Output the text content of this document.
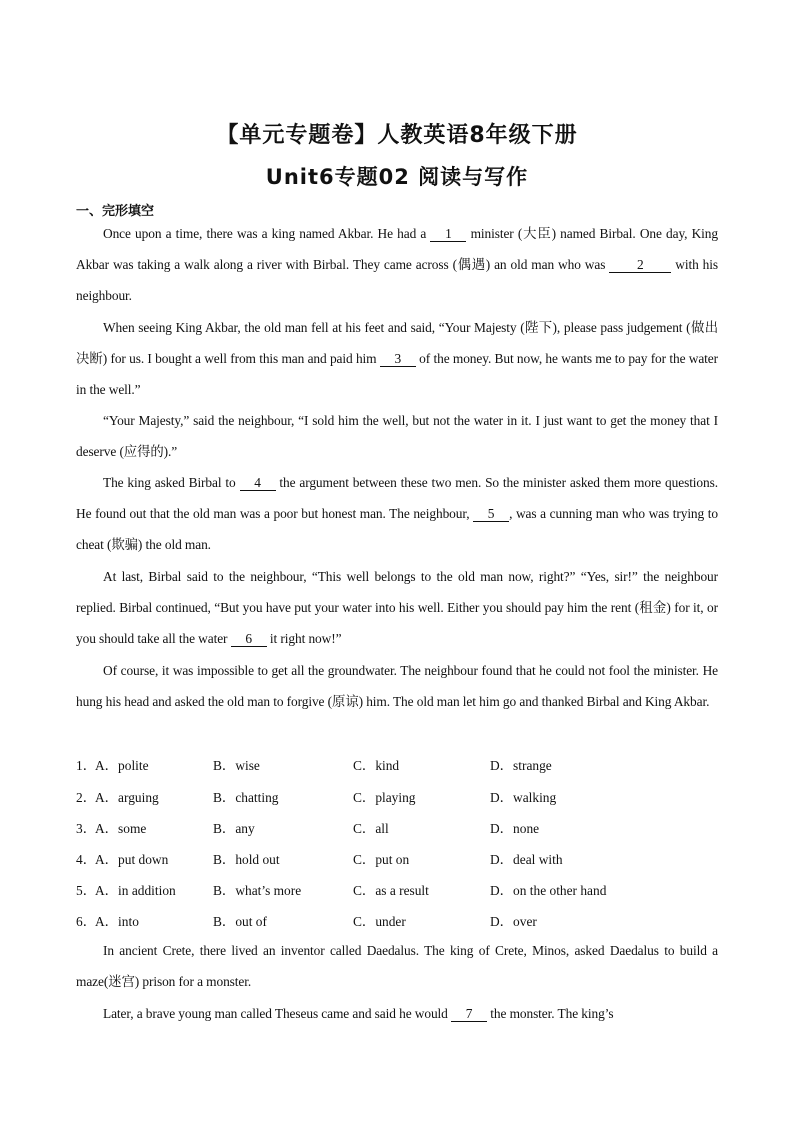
【单元专题卷】人教英语8年级下册
Unit6专题02 阅读与写作
一、完形填空
Once upon a time, there was a king named Akbar. He had a 1 minister (大臣) named Birbal. One day, King Akbar was taking a walk along a river with Birbal. They came across (偶遇) an old man who was 2 with his neighbour.
When seeing King Akbar, the old man fell at his feet and said, “Your Majesty (陛下), please pass judgement (做出决断) for us. I bought a well from this man and paid him 3 of the money. But now, he wants me to pay for the water in the well.”
“Your Majesty,” said the neighbour, “I sold him the well, but not the water in it. I just want to get the money that I deserve (应得的).”
The king asked Birbal to 4 the argument between these two men. So the minister asked them more questions. He found out that the old man was a poor but honest man. The neighbour, 5 , was a cunning man who was trying to cheat (欺骗) the old man.
At last, Birbal said to the neighbour, “This well belongs to the old man now, right?” “Yes, sir!” the neighbour replied. Birbal continued, “But you have put your water into his well. Either you should pay him the rent (租金) for it, or you should take all the water 6 it right now!”
Of course, it was impossible to get all the groundwater. The neighbour found that he could not fool the minister. He hung his head and asked the old man to forgive (原谅) him. The old man let him go and thanked Birbal and King Akbar.
1．
A．polite	B．wise	C．kind	D．strange
2．
A．arguing	B．chatting	C．playing	D．walking
3．
A．some	B．any	C．all	D．none
4．
A．put down	B．hold out	C．put on	D．deal with
5．
A．in addition	B．what’s more	C．as a result	D．on the other hand
6．
A．into	B．out of	C．under	D．over
In ancient Crete, there lived an inventor called Daedalus. The king of Crete, Minos, asked Daedalus to build a maze(迷宫) prison for a monster.
Later, a brave young man called Theseus came and said he would 7 the monster. The king’s
